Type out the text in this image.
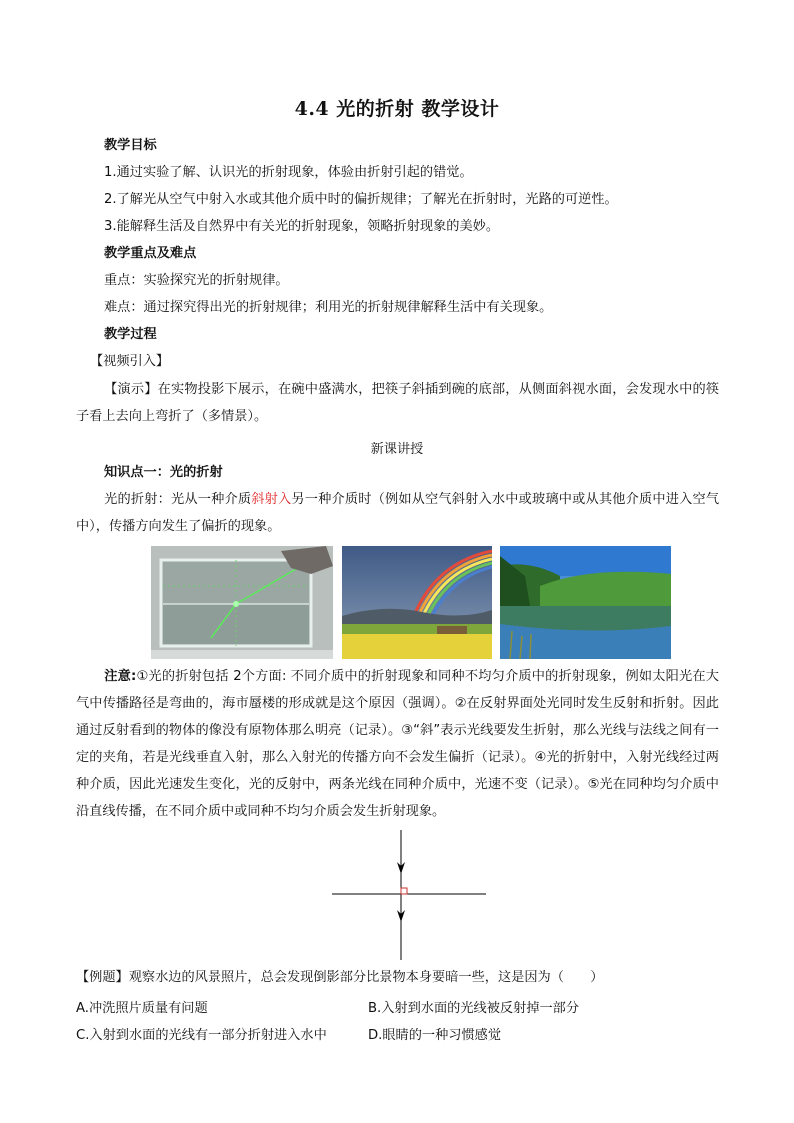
4.4 光的折射 教学设计
教学目标
1.通过实验了解、认识光的折射现象，体验由折射引起的错觉。
2.了解光从空气中射入水或其他介质中时的偏折规律；了解光在折射时，光路的可逆性。
3.能解释生活及自然界中有关光的折射现象，领略折射现象的美妙。
教学重点及难点
重点：实验探究光的折射规律。
难点：通过探究得出光的折射规律；利用光的折射规律解释生活中有关现象。
教学过程
【视频引入】
【演示】在实物投影下展示，在碗中盛满水，把筷子斜插到碗的底部，从侧面斜视水面，会发现水中的筷子看上去向上弯折了（多情景）。
新课讲授
知识点一：光的折射
光的折射：光从一种介质斜射入另一种介质时（例如从空气斜射入水中或玻璃中或从其他介质中进入空气中），传播方向发生了偏折的现象。
注意:①光的折射包括 2个方面: 不同介质中的折射现象和同种不均匀介质中的折射现象，例如太阳光在大气中传播路径是弯曲的，海市蜃楼的形成就是这个原因（强调）。②在反射界面处光同时发生反射和折射。因此通过反射看到的物体的像没有原物体那么明亮（记录）。③“斜”表示光线要发生折射，那么光线与法线之间有一定的夹角，若是光线垂直入射，那么入射光的传播方向不会发生偏折（记录）。④光的折射中，入射光线经过两种介质，因此光速发生变化，光的反射中，两条光线在同种介质中，光速不变（记录）。⑤光在同种均匀介质中沿直线传播，在不同介质中或同种不均匀介质会发生折射现象。
【例题】观察水边的风景照片，总会发现倒影部分比景物本身要暗一些，这是因为（　　）
A.冲洗照片质量有问题	B.入射到水面的光线被反射掉一部分
C.入射到水面的光线有一部分折射进入水中	D.眼睛的一种习惯感觉
